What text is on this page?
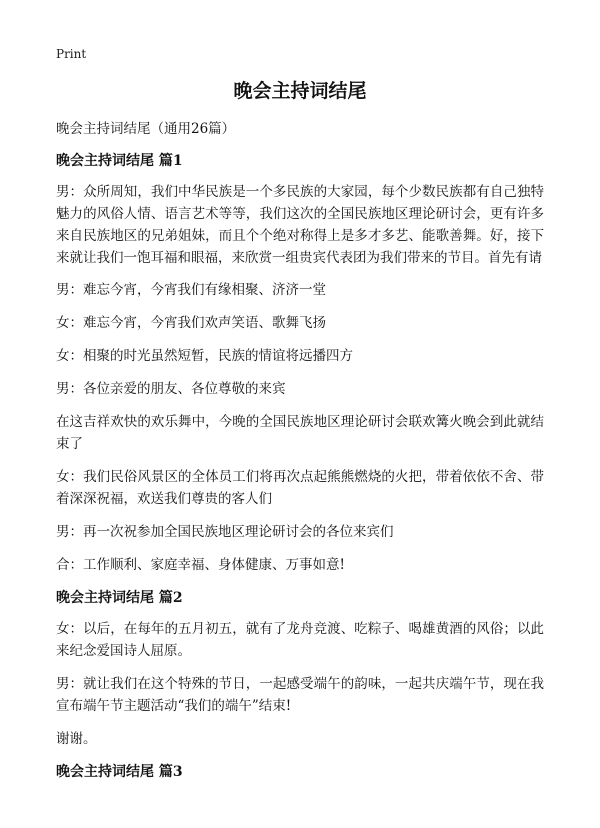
Print
晚会主持词结尾

晚会主持词结尾（通用26篇）

晚会主持词结尾 篇1

男：众所周知，我们中华民族是一个多民族的大家园，每个少数民族都有自己独特魅力的风俗人情、语言艺术等等，我们这次的全国民族地区理论研讨会，更有许多来自民族地区的兄弟姐妹，而且个个绝对称得上是多才多艺、能歌善舞。好，接下来就让我们一饱耳福和眼福，来欣赏一组贵宾代表团为我们带来的节目。首先有请

男：难忘今宵，今宵我们有缘相聚、济济一堂

女：难忘今宵，今宵我们欢声笑语、歌舞飞扬

女：相聚的时光虽然短暂，民族的情谊将远播四方

男：各位亲爱的朋友、各位尊敬的来宾

在这吉祥欢快的欢乐舞中，今晚的全国民族地区理论研讨会联欢篝火晚会到此就结束了

女：我们民俗风景区的全体员工们将再次点起熊熊燃烧的火把，带着依依不舍、带着深深祝福，欢送我们尊贵的客人们

男：再一次祝参加全国民族地区理论研讨会的各位来宾们

合：工作顺利、家庭幸福、身体健康、万事如意!

晚会主持词结尾 篇2

女：以后，在每年的五月初五，就有了龙舟竞渡、吃粽子、喝雄黄酒的风俗；以此来纪念爱国诗人屈原。

男：就让我们在这个特殊的节日，一起感受端午的韵味，一起共庆端午节，现在我宣布端午节主题活动“我们的端午”结束!

谢谢。

晚会主持词结尾 篇3
